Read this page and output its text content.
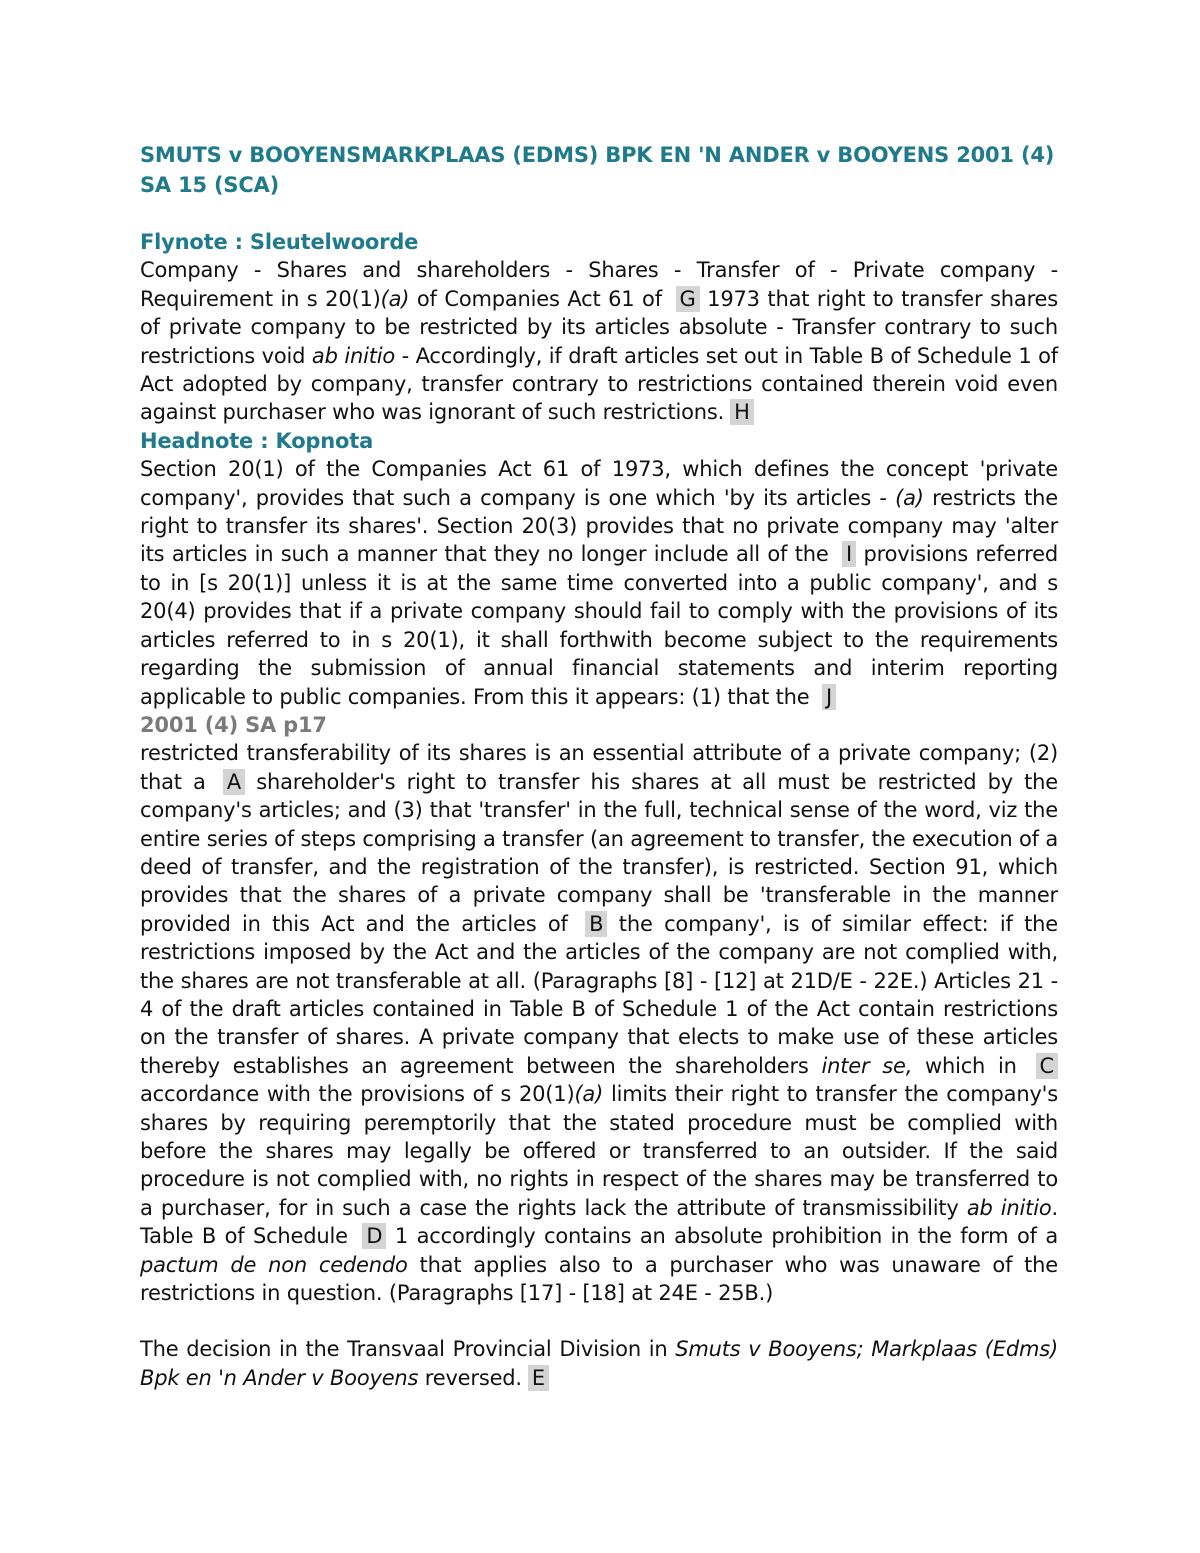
SMUTS v BOOYENSMARKPLAAS (EDMS) BPK EN 'N ANDER v BOOYENS 2001 (4) SA 15 (SCA)
Flynote : Sleutelwoorde

Company - Shares and shareholders - Shares - Transfer of - Private company - Requirement in s 20(1)(a) of Companies Act 61 of G 1973 that right to transfer shares of private company to be restricted by its articles absolute - Transfer contrary to such restrictions void ab initio - Accordingly, if draft articles set out in Table B of Schedule 1 of Act adopted by company, transfer contrary to restrictions contained therein void even against purchaser who was ignorant of such restrictions. H

Headnote : Kopnota

Section 20(1) of the Companies Act 61 of 1973, which defines the concept 'private company', provides that such a company is one which 'by its articles - (a) restricts the right to transfer its shares'. Section 20(3) provides that no private company may 'alter its articles in such a manner that they no longer include all of the I provisions referred to in [s 20(1)] unless it is at the same time converted into a public company', and s 20(4) provides that if a private company should fail to comply with the provisions of its articles referred to in s 20(1), it shall forthwith become subject to the requirements regarding the submission of annual financial statements and interim reporting applicable to public companies. From this it appears: (1) that the J

2001 (4) SA p17

restricted transferability of its shares is an essential attribute of a private company; (2) that a A shareholder's right to transfer his shares at all must be restricted by the company's articles; and (3) that 'transfer' in the full, technical sense of the word, viz the entire series of steps comprising a transfer (an agreement to transfer, the execution of a deed of transfer, and the registration of the transfer), is restricted. Section 91, which provides that the shares of a private company shall be 'transferable in the manner provided in this Act and the articles of B the company', is of similar effect: if the restrictions imposed by the Act and the articles of the company are not complied with, the shares are not transferable at all. (Paragraphs [8] - [12] at 21D/E - 22E.) Articles 21 - 4 of the draft articles contained in Table B of Schedule 1 of the Act contain restrictions on the transfer of shares. A private company that elects to make use of these articles thereby establishes an agreement between the shareholders inter se, which in C accordance with the provisions of s 20(1)(a) limits their right to transfer the company's shares by requiring peremptorily that the stated procedure must be complied with before the shares may legally be offered or transferred to an outsider. If the said procedure is not complied with, no rights in respect of the shares may be transferred to a purchaser, for in such a case the rights lack the attribute of transmissibility ab initio. Table B of Schedule D 1 accordingly contains an absolute prohibition in the form of a pactum de non cedendo that applies also to a purchaser who was unaware of the restrictions in question. (Paragraphs [17] - [18] at 24E - 25B.)

The decision in the Transvaal Provincial Division in Smuts v Booyens; Markplaas (Edms) Bpk en 'n Ander v Booyens reversed. E
